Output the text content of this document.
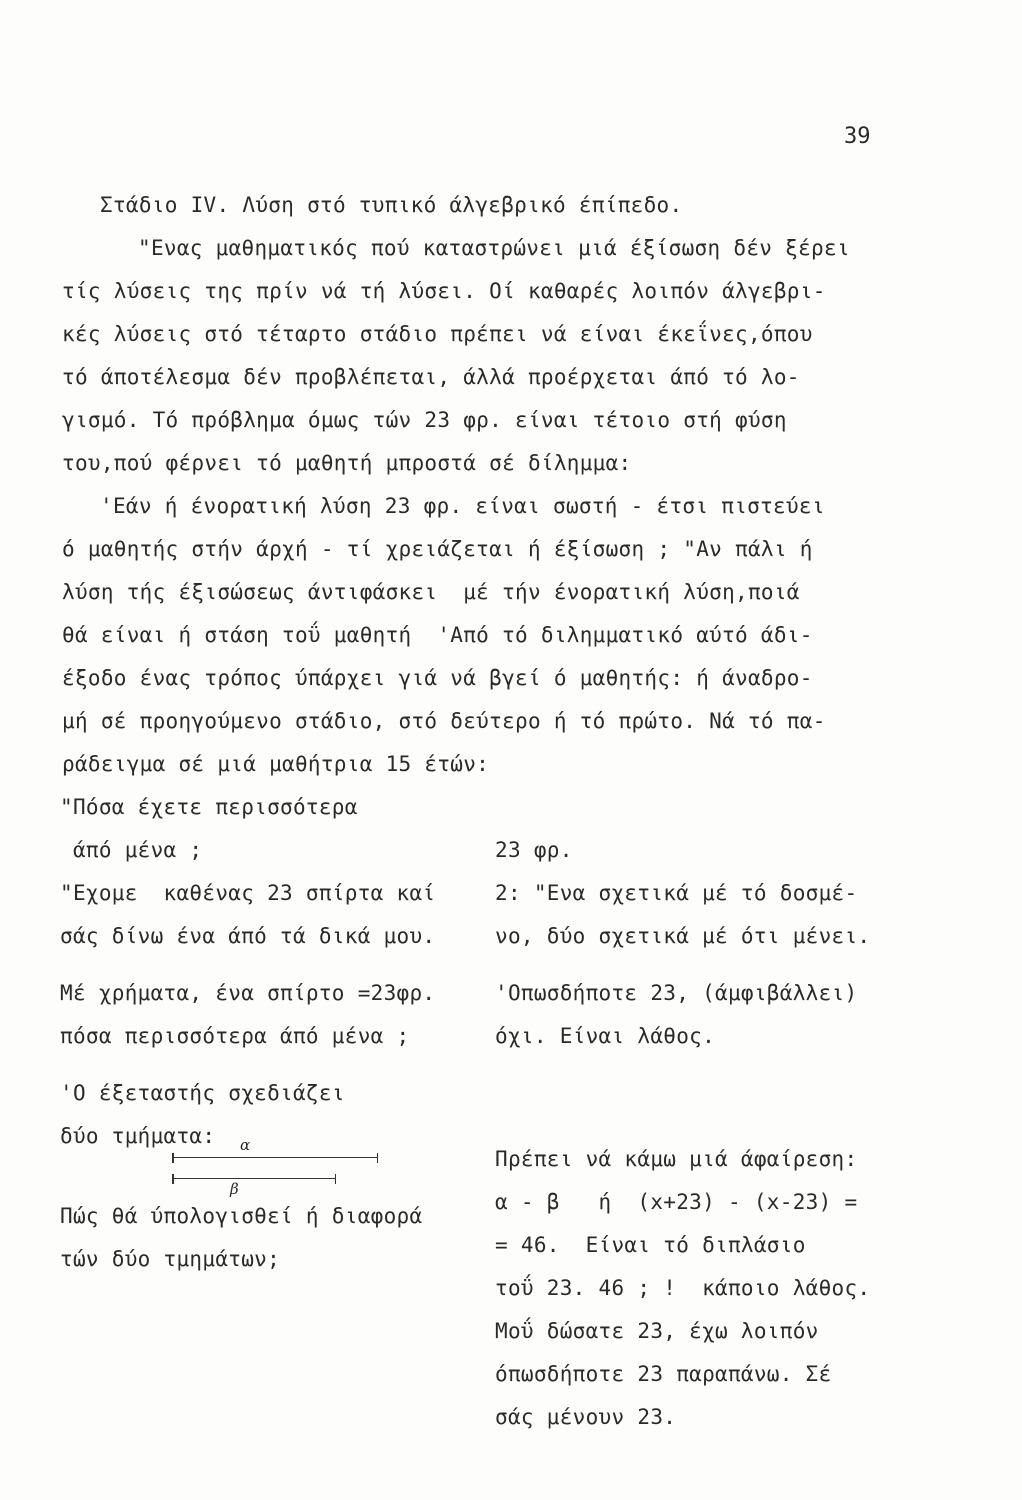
39
Στάδιο IV. Λύση στό τυπικό άλγεβρικό έπίπεδο.
"Ενας μαθηματικός πού καταστρώνει μιά έξίσωση δέν ξέρει
τίς λύσεις της πρίν νά τή λύσει. Οί καθαρές λοιπόν άλγεβρι-
κές λύσεις στό τέταρτο στάδιο πρέπει νά είναι έκεΐνες,όπου
τό άποτέλεσμα δέν προβλέπεται, άλλά προέρχεται άπό τό λο-
γισμό. Τό πρόβλημα όμως τών 23 φρ. είναι τέτοιο στή φύση
του,πού φέρνει τό μαθητή μπροστά σέ δίλημμα:
'Εάν ή ένορατική λύση 23 φρ. είναι σωστή - έτσι πιστεύει
ό μαθητής στήν άρχή - τί χρειάζεται ή έξίσωση ; "Αν πάλι ή
λύση τής έξισώσεως άντιφάσκει  μέ τήν ένορατική λύση,ποιά
θά είναι ή στάση τοΰ μαθητή  'Από τό διλημματικό αύτό άδι-
έξοδο ένας τρόπος ύπάρχει γιά νά βγεί ό μαθητής: ή άναδρο-
μή σέ προηγούμενο στάδιο, στό δεύτερο ή τό πρώτο. Νά τό πα-
ράδειγμα σέ μιά μαθήτρια 15 έτών:
"Πόσα έχετε περισσότερα
άπό μένα ;
"Εχομε  καθένας 23 σπίρτα καί
σάς δίνω ένα άπό τά δικά μου.
Μέ χρήματα, ένα σπίρτο =23φρ.
πόσα περισσότερα άπό μένα ;
'Ο έξεταστής σχεδιάζει
δύο τμήματα: α
β
Πώς θά ύπολογισθεί ή διαφορά
τών δύο τμημάτων;
23 φρ.
2: "Ενα σχετικά μέ τό δοσμέ-
νο, δύο σχετικά μέ ότι μένει.
'Οπωσδήποτε 23, (άμφιβάλλει)
όχι. Είναι λάθος.
Πρέπει νά κάμω μιά άφαίρεση:
α - β   ή  (x+23) - (x-23) =
= 46.  Είναι τό διπλάσιο
τοΰ 23. 46 ; !  κάποιο λάθος.
Μοΰ δώσατε 23, έχω λοιπόν
όπωσδήποτε 23 παραπάνω. Σέ
σάς μένουν 23.
